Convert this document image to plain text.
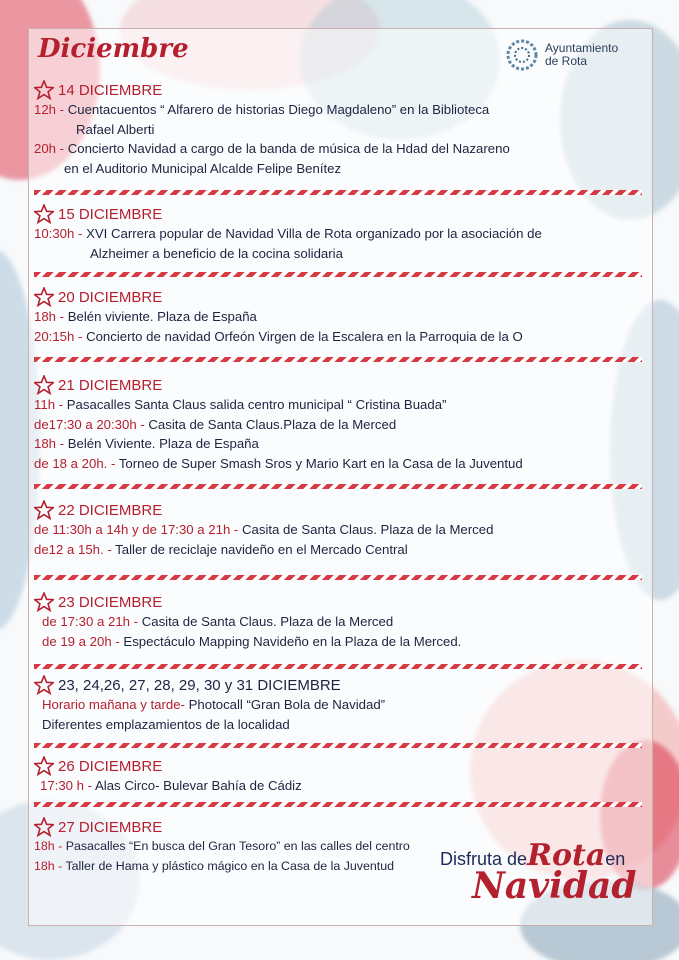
Diciembre	Ayuntamiento
de Rota
14 DICIEMBRE
12h - Cuentacuentos “ Alfarero de historias Diego Magdaleno” en la Biblioteca
Rafael Alberti
20h - Concierto Navidad a cargo de la banda de música de la Hdad del Nazareno
en el Auditorio Municipal Alcalde Felipe Benítez
15 DICIEMBRE
10:30h - XVI Carrera popular de Navidad Villa de Rota organizado por la asociación de
Alzheimer a beneficio de la cocina solidaria
20 DICIEMBRE
18h - Belén viviente. Plaza de España
20:15h - Concierto de navidad Orfeón Virgen de la Escalera en la Parroquia de la O
21 DICIEMBRE
11h - Pasacalles Santa Claus salida centro municipal “ Cristina Buada”
de17:30 a 20:30h - Casita de Santa Claus.Plaza de la Merced
18h - Belén Viviente. Plaza de España
de 18 a 20h. - Torneo de Super Smash Sros y Mario Kart en la Casa de la Juventud
22 DICIEMBRE
de 11:30h a 14h y de 17:30 a 21h - Casita de Santa Claus. Plaza de la Merced
de12 a 15h. - Taller de reciclaje navideño en el Mercado Central
23 DICIEMBRE
de 17:30 a 21h - Casita de Santa Claus. Plaza de la Merced
de 19 a 20h - Espectáculo Mapping Navideño en la Plaza de la Merced.
23, 24,26, 27, 28, 29, 30 y 31 DICIEMBRE
Horario mañana y tarde- Photocall “Gran Bola de Navidad”
Diferentes emplazamientos de la localidad
26 DICIEMBRE
17:30 h - Alas Circo- Bulevar Bahía de Cádiz
27 DICIEMBRE
18h - Pasacalles “En busca del Gran Tesoro” en las calles del centro
18h - Taller de Hama y plástico mágico en la Casa de la Juventud	Disfruta deRotaen
Navidad
